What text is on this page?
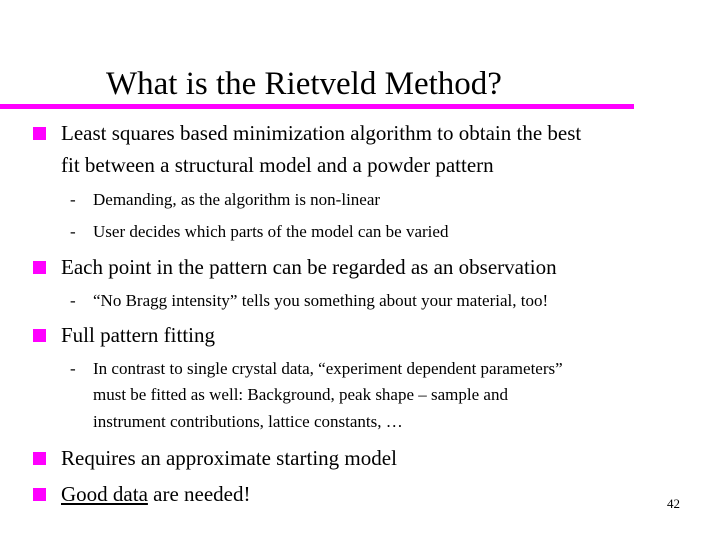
What is the Rietveld Method?
Least squares based minimization algorithm to obtain the best
fit between a structural model and a powder pattern
- Demanding, as the algorithm is non-linear
- User decides which parts of the model can be varied
Each point in the pattern can be regarded as an observation
- “No Bragg intensity” tells you something about your material, too!
Full pattern fitting
- In contrast to single crystal data, “experiment dependent parameters”
must be fitted as well: Background, peak shape – sample and
instrument contributions, lattice constants, …
Requires an approximate starting model
Good data are needed!	42
